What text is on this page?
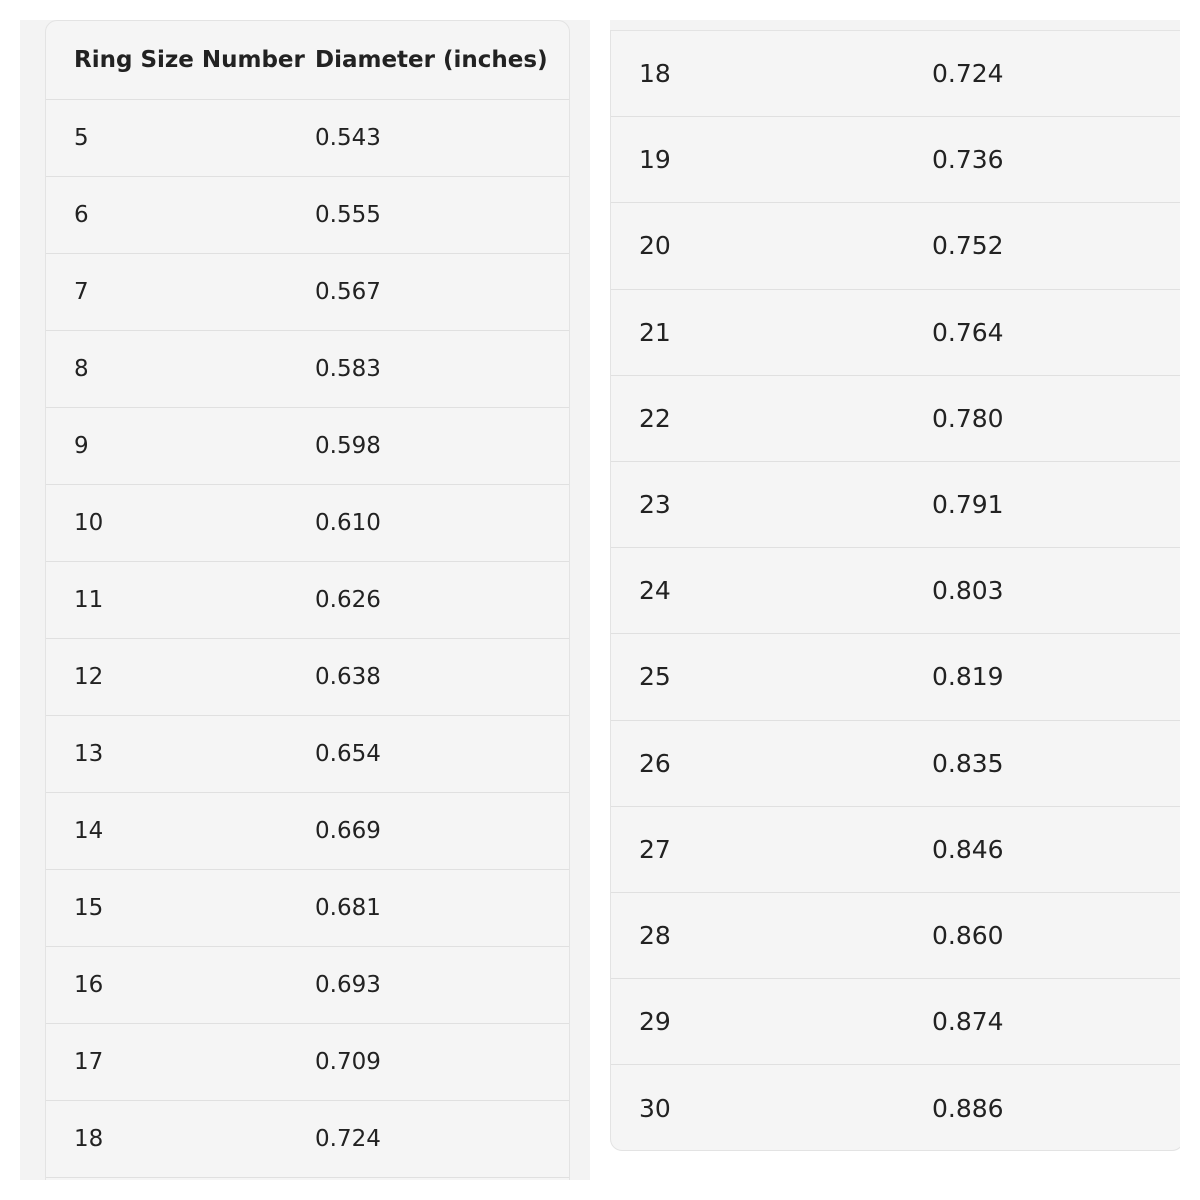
Ring Size Number Diameter (inches)
5	0.543
6	0.555
7	0.567
8	0.583
9	0.598
10	0.610
11	0.626
12	0.638
13	0.654
14	0.669
15	0.681
16	0.693
17	0.709
18	0.724
18	0.724
19	0.736
20	0.752
21	0.764
22	0.780
23	0.791
24	0.803
25	0.819
26	0.835
27	0.846
28	0.860
29	0.874
30	0.886
